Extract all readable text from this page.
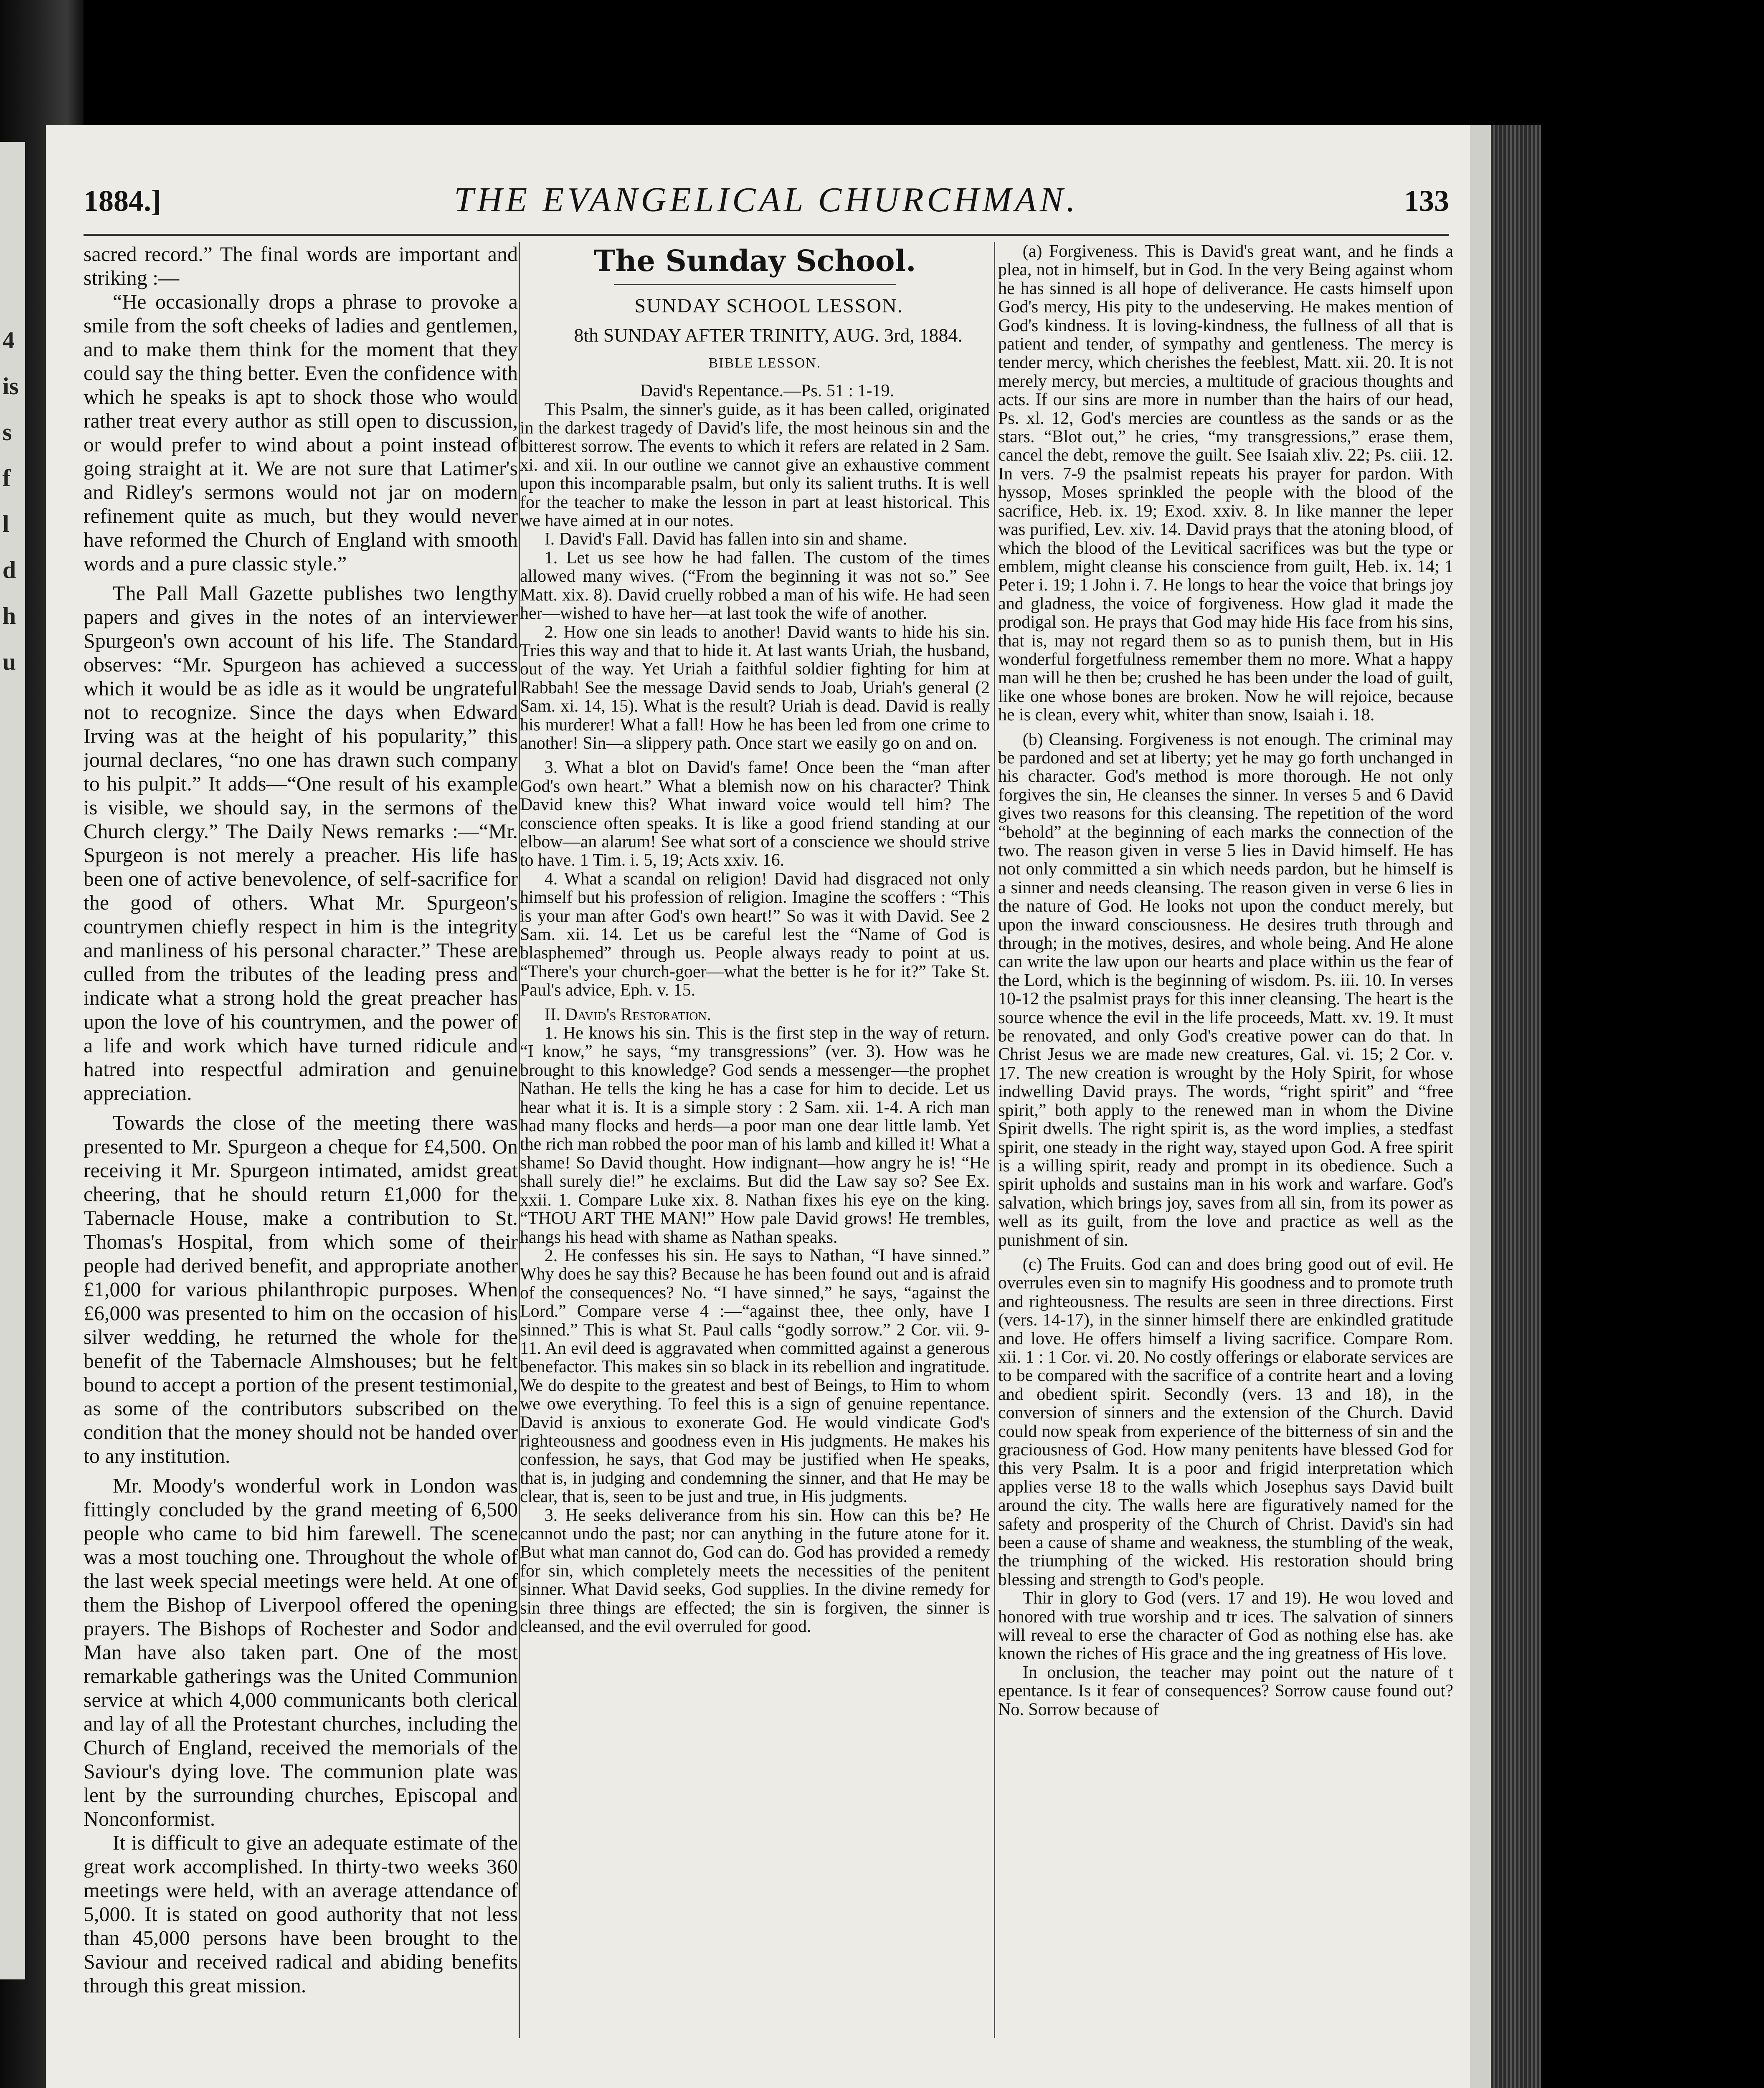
4
is
s
f
l
d
h
u
1884.]	THE EVANGELICAL CHURCHMAN.	133

sacred record.” The final words are important and striking :—

“He occasionally drops a phrase to provoke a smile from the soft cheeks of ladies and gentlemen, and to make them think for the moment that they could say the thing better. Even the confidence with which he speaks is apt to shock those who would rather treat every author as still open to discussion, or would prefer to wind about a point instead of going straight at it. We are not sure that Latimer's and Ridley's sermons would not jar on modern refinement quite as much, but they would never have reformed the Church of England with smooth words and a pure classic style.”

The Pall Mall Gazette publishes two lengthy papers and gives in the notes of an interviewer Spurgeon's own account of his life. The Standard observes: “Mr. Spurgeon has achieved a success which it would be as idle as it would be ungrateful not to recognize. Since the days when Edward Irving was at the height of his popularity,” this journal declares, “no one has drawn such company to his pulpit.” It adds—“One result of his example is visible, we should say, in the sermons of the Church clergy.” The Daily News remarks :—“Mr. Spurgeon is not merely a preacher. His life has been one of active benevolence, of self-sacrifice for the good of others. What Mr. Spurgeon's countrymen chiefly respect in him is the integrity and manliness of his personal character.” These are culled from the tributes of the leading press and indicate what a strong hold the great preacher has upon the love of his countrymen, and the power of a life and work which have turned ridicule and hatred into respectful admiration and genuine appreciation.

Towards the close of the meeting there was presented to Mr. Spurgeon a cheque for £4,500. On receiving it Mr. Spurgeon intimated, amidst great cheering, that he should return £1,000 for the Tabernacle House, make a contribution to St. Thomas's Hospital, from which some of their people had derived benefit, and appropriate another £1,000 for various philanthropic purposes. When £6,000 was presented to him on the occasion of his silver wedding, he returned the whole for the benefit of the Tabernacle Almshouses; but he felt bound to accept a portion of the present testimonial, as some of the contributors subscribed on the condition that the money should not be handed over to any institution.

Mr. Moody's wonderful work in London was fittingly concluded by the grand meeting of 6,500 people who came to bid him farewell. The scene was a most touching one. Throughout the whole of the last week special meetings were held. At one of them the Bishop of Liverpool offered the opening prayers. The Bishops of Rochester and Sodor and Man have also taken part. One of the most remarkable gatherings was the United Communion service at which 4,000 communicants both clerical and lay of all the Protestant churches, including the Church of England, received the memorials of the Saviour's dying love. The communion plate was lent by the surrounding churches, Episcopal and Nonconformist.

It is difficult to give an adequate estimate of the great work accomplished. In thirty-two weeks 360 meetings were held, with an average attendance of 5,000. It is stated on good authority that not less than 45,000 persons have been brought to the Saviour and received radical and abiding benefits through this great mission.

The Sunday School.

SUNDAY SCHOOL LESSON.

8th SUNDAY AFTER TRINITY, AUG. 3rd, 1884.

BIBLE LESSON.

David's Repentance.—Ps. 51 : 1-19.

This Psalm, the sinner's guide, as it has been called, originated in the darkest tragedy of David's life, the most heinous sin and the bitterest sorrow. The events to which it refers are related in 2 Sam. xi. and xii. In our outline we cannot give an exhaustive comment upon this incomparable psalm, but only its salient truths. It is well for the teacher to make the lesson in part at least historical. This we have aimed at in our notes.

I. David's Fall. David has fallen into sin and shame.

1. Let us see how he had fallen. The custom of the times allowed many wives. (“From the beginning it was not so.” See Matt. xix. 8). David cruelly robbed a man of his wife. He had seen her—wished to have her—at last took the wife of another.

2. How one sin leads to another! David wants to hide his sin. Tries this way and that to hide it. At last wants Uriah, the husband, out of the way. Yet Uriah a faithful soldier fighting for him at Rabbah! See the message David sends to Joab, Uriah's general (2 Sam. xi. 14, 15). What is the result? Uriah is dead. David is really his murderer! What a fall! How he has been led from one crime to another! Sin—a slippery path. Once start we easily go on and on.

3. What a blot on David's fame! Once been the “man after God's own heart.” What a blemish now on his character? Think David knew this? What inward voice would tell him? The conscience often speaks. It is like a good friend standing at our elbow—an alarum! See what sort of a conscience we should strive to have. 1 Tim. i. 5, 19; Acts xxiv. 16.

4. What a scandal on religion! David had disgraced not only himself but his profession of religion. Imagine the scoffers : “This is your man after God's own heart!” So was it with David. See 2 Sam. xii. 14. Let us be careful lest the “Name of God is blasphemed” through us. People always ready to point at us. “There's your church-goer—what the better is he for it?” Take St. Paul's advice, Eph. v. 15.

II. David's Restoration.

1. He knows his sin. This is the first step in the way of return. “I know,” he says, “my transgressions” (ver. 3). How was he brought to this knowledge? God sends a messenger—the prophet Nathan. He tells the king he has a case for him to decide. Let us hear what it is. It is a simple story : 2 Sam. xii. 1-4. A rich man had many flocks and herds—a poor man one dear little lamb. Yet the rich man robbed the poor man of his lamb and killed it! What a shame! So David thought. How indignant—how angry he is! “He shall surely die!” he exclaims. But did the Law say so? See Ex. xxii. 1. Compare Luke xix. 8. Nathan fixes his eye on the king. “THOU ART THE MAN!” How pale David grows! He trembles, hangs his head with shame as Nathan speaks.

2. He confesses his sin. He says to Nathan, “I have sinned.” Why does he say this? Because he has been found out and is afraid of the consequences? No. “I have sinned,” he says, “against the Lord.” Compare verse 4 :—“against thee, thee only, have I sinned.” This is what St. Paul calls “godly sorrow.” 2 Cor. vii. 9-11. An evil deed is aggravated when committed against a generous benefactor. This makes sin so black in its rebellion and ingratitude. We do despite to the greatest and best of Beings, to Him to whom we owe everything. To feel this is a sign of genuine repentance. David is anxious to exonerate God. He would vindicate God's righteousness and goodness even in His judgments. He makes his confession, he says, that God may be justified when He speaks, that is, in judging and condemning the sinner, and that He may be clear, that is, seen to be just and true, in His judgments.

3. He seeks deliverance from his sin. How can this be? He cannot undo the past; nor can anything in the future atone for it. But what man cannot do, God can do. God has provided a remedy for sin, which completely meets the necessities of the penitent sinner. What David seeks, God supplies. In the divine remedy for sin three things are effected; the sin is forgiven, the sinner is cleansed, and the evil overruled for good.

(a) Forgiveness. This is David's great want, and he finds a plea, not in himself, but in God. In the very Being against whom he has sinned is all hope of deliverance. He casts himself upon God's mercy, His pity to the undeserving. He makes mention of God's kindness. It is loving-kindness, the fullness of all that is patient and tender, of sympathy and gentleness. The mercy is tender mercy, which cherishes the feeblest, Matt. xii. 20. It is not merely mercy, but mercies, a multitude of gracious thoughts and acts. If our sins are more in number than the hairs of our head, Ps. xl. 12, God's mercies are countless as the sands or as the stars. “Blot out,” he cries, “my transgressions,” erase them, cancel the debt, remove the guilt. See Isaiah xliv. 22; Ps. ciii. 12. In vers. 7-9 the psalmist repeats his prayer for pardon. With hyssop, Moses sprinkled the people with the blood of the sacrifice, Heb. ix. 19; Exod. xxiv. 8. In like manner the leper was purified, Lev. xiv. 14. David prays that the atoning blood, of which the blood of the Levitical sacrifices was but the type or emblem, might cleanse his conscience from guilt, Heb. ix. 14; 1 Peter i. 19; 1 John i. 7. He longs to hear the voice that brings joy and gladness, the voice of forgiveness. How glad it made the prodigal son. He prays that God may hide His face from his sins, that is, may not regard them so as to punish them, but in His wonderful forgetfulness remember them no more. What a happy man will he then be; crushed he has been under the load of guilt, like one whose bones are broken. Now he will rejoice, because he is clean, every whit, whiter than snow, Isaiah i. 18.

(b) Cleansing. Forgiveness is not enough. The criminal may be pardoned and set at liberty; yet he may go forth unchanged in his character. God's method is more thorough. He not only forgives the sin, He cleanses the sinner. In verses 5 and 6 David gives two reasons for this cleansing. The repetition of the word “behold” at the beginning of each marks the connection of the two. The reason given in verse 5 lies in David himself. He has not only committed a sin which needs pardon, but he himself is a sinner and needs cleansing. The reason given in verse 6 lies in the nature of God. He looks not upon the conduct merely, but upon the inward consciousness. He desires truth through and through; in the motives, desires, and whole being. And He alone can write the law upon our hearts and place within us the fear of the Lord, which is the beginning of wisdom. Ps. iii. 10. In verses 10-12 the psalmist prays for this inner cleansing. The heart is the source whence the evil in the life proceeds, Matt. xv. 19. It must be renovated, and only God's creative power can do that. In Christ Jesus we are made new creatures, Gal. vi. 15; 2 Cor. v. 17. The new creation is wrought by the Holy Spirit, for whose indwelling David prays. The words, “right spirit” and “free spirit,” both apply to the renewed man in whom the Divine Spirit dwells. The right spirit is, as the word implies, a stedfast spirit, one steady in the right way, stayed upon God. A free spirit is a willing spirit, ready and prompt in its obedience. Such a spirit upholds and sustains man in his work and warfare. God's salvation, which brings joy, saves from all sin, from its power as well as its guilt, from the love and practice as well as the punishment of sin.

(c) The Fruits. God can and does bring good out of evil. He overrules even sin to magnify His goodness and to promote truth and righteousness. The results are seen in three directions. First (vers. 14-17), in the sinner himself there are enkindled gratitude and love. He offers himself a living sacrifice. Compare Rom. xii. 1 : 1 Cor. vi. 20. No costly offerings or elaborate services are to be compared with the sacrifice of a contrite heart and a loving and obedient spirit. Secondly (vers. 13 and 18), in the conversion of sinners and the extension of the Church. David could now speak from experience of the bitterness of sin and the graciousness of God. How many penitents have blessed God for this very Psalm. It is a poor and frigid interpretation which applies verse 18 to the walls which Josephus says David built around the city. The walls here are figuratively named for the safety and prosperity of the Church of Christ. David's sin had been a cause of shame and weakness, the stumbling of the weak, the triumphing of the wicked. His restoration should bring blessing and strength to God's people.

Thir in glory to God (vers. 17 and 19). He wou loved and honored with true worship and tr ices. The salvation of sinners will reveal to erse the character of God as nothing else has. ake known the riches of His grace and the ing greatness of His love.

In onclusion, the teacher may point out the nature of t epentance. Is it fear of consequences? Sorrow cause found out? No. Sorrow because of
